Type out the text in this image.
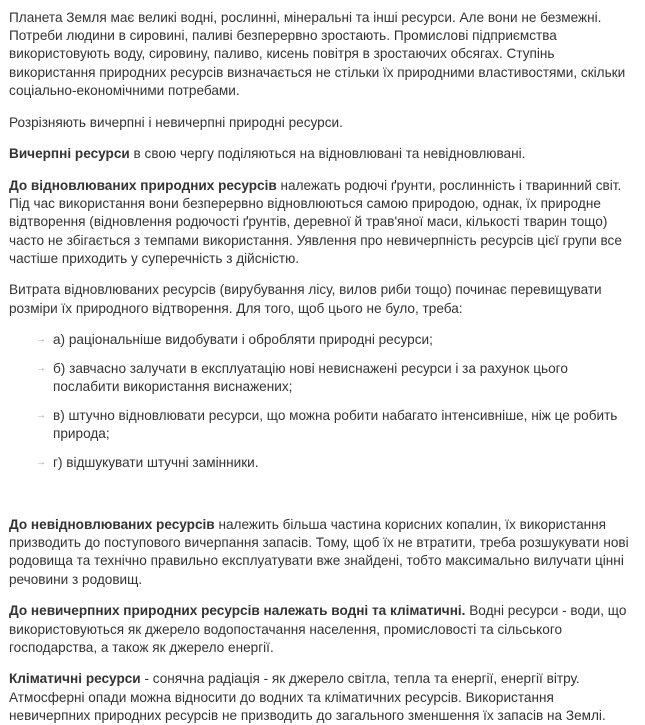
Планета Земля має великі водні, рослинні, мінеральні та інші ресурси. Але вони не безмежні. Потреби людини в сировині, паливі безперервно зростають. Промислові підприємства використовують воду, сировину, паливо, кисень повітря в зростаючих обсягах. Ступінь використання природних ресурсів визначається не стільки їх природними властивостями, скільки соціально-економічними потребами.

Розрізняють вичерпні і невичерпні природні ресурси.

Вичерпні ресурси в свою чергу поділяються на відновлювані та невідновлювані.

До відновлюваних природних ресурсів належать родючі ґрунти, рослинність і тваринний світ. Під час використання вони безперервно відновлюються самою природою, однак, їх природне відтворення (відновлення родючості ґрунтів, деревної й трав'яної маси, кількості тварин тощо) часто не збігається з темпами використання. Уявлення про невичерпність ресурсів цієї групи все частіше приходить у суперечність з дійсністю.

Витрата відновлюваних ресурсів (вирубування лісу, вилов риби тощо) починає перевищувати розміри їх природного відтворення. Для того, щоб цього не було, треба:

→ а) раціональніше видобувати і обробляти природні ресурси;
→ б) завчасно залучати в експлуатацію нові невиснажені ресурси і за рахунок цього послабити використання виснажених;
→ в) штучно відновлювати ресурси, що можна робити набагато інтенсивніше, ніж це робить природа;
→ г) відшукувати штучні замінники.

До невідновлюваних ресурсів належить більша частина корисних копалин, їх використання призводить до поступового вичерпання запасів. Тому, щоб їх не втратити, треба розшукувати нові родовища та технічно правильно експлуатувати вже знайдені, тобто максимально вилучати цінні речовини з родовищ.

До невичерпних природних ресурсів належать водні та кліматичні. Водні ресурси - води, що використовуються як джерело водопостачання населення, промисловості та сільського господарства, а також як джерело енергії.

Кліматичні ресурси - сонячна радіація - як джерело світла, тепла та енергії, енергії вітру. Атмосферні опади можна відносити до водних та кліматичних ресурсів. Використання невичерпних природних ресурсів не призводить до загального зменшення їх запасів на Землі.
